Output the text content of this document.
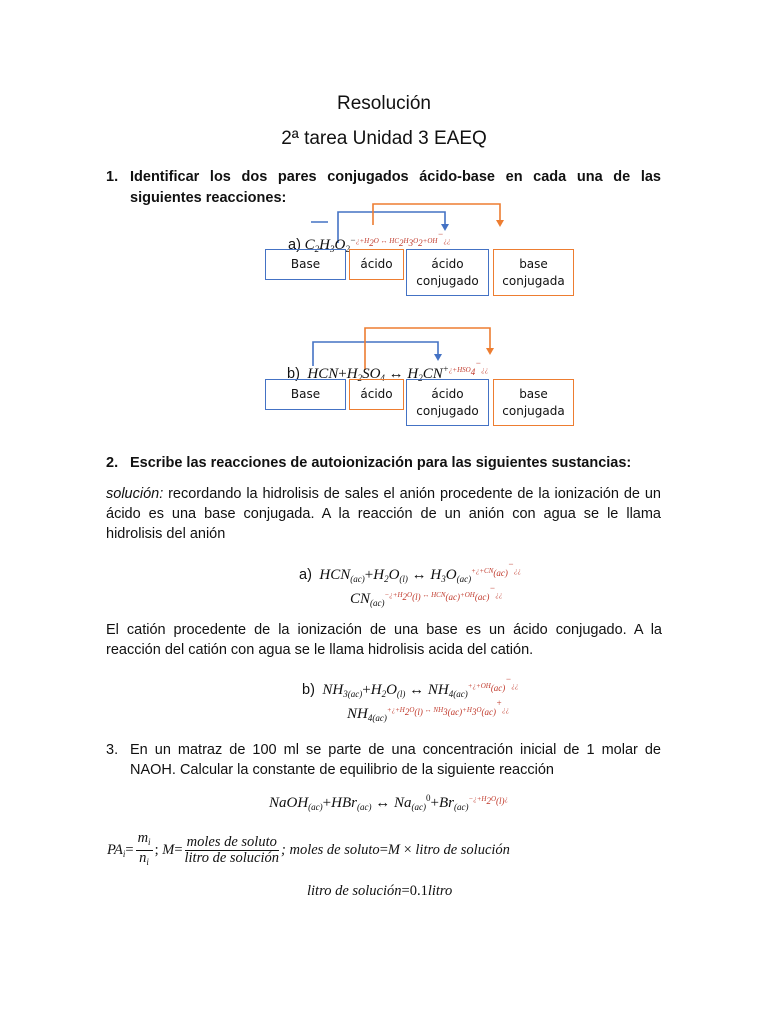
Resolución
2ª tarea Unidad 3 EAEQ
1. Identificar los dos pares conjugados ácido-base en cada una de las siguientes reacciones:
a) $C_2H_3O_2^{-¿+H_2O \leftrightarrow HC_2H_3O_2+OH^-¿¿}$
Base	ácido	ácido conjugado
base conjugada
b)  $HCN+H_2SO_4$ ↔ $H_2CN^{+¿+HSO_4^-¿¿}$
Base	ácido	ácido conjugado
base conjugada
2. Escribe las reacciones de autoionización para las siguientes sustancias:
solución: recordando la hidrolisis de sales el anión procedente de la ionización de un ácido es una base conjugada. A la reacción de un anión con agua se le llama hidrolisis del anión
a)  $HCN_{(ac)}+H_2O_{(l)}$ ↔ $H_3O_{(ac)}^{+¿+CN_{(ac)}^-¿¿}$
$CN_{(ac)}^{-¿+H_2O_{(l)} \leftrightarrow HCN_{(ac)}+OH_{(ac)}^-¿¿}$
El catión procedente de la ionización de una base es un ácido conjugado. A la reacción del catión con agua se le llama hidrolisis acida del catión.
b)  $NH_{3(ac)}+H_2O_{(l)}$ ↔ $NH_{4(ac)}^{+¿+OH_{(ac)}^-¿¿}$
$NH_{4(ac)}^{+¿+H_2O_{(l)} \leftrightarrow NH_{3(ac)}+H_3O_{(ac)}^+¿¿}$
3. En un matraz de 100 ml se parte de una concentración inicial de 1 molar de NAOH. Calcular la constante de equilibrio de la siguiente reacción
NaOH$_{(ac)}$+HBr$_{(ac)}$ ↔ $Na_{(ac)}^0+Br_{(ac)}^{-¿+H_2O_{(l)}¿}$
$PA_i= \frac{m_i}{n_i}$ ; M= moles de soluto
litro de solución ; moles de soluto=M × litro de solución
litro de solución=0.1litro
